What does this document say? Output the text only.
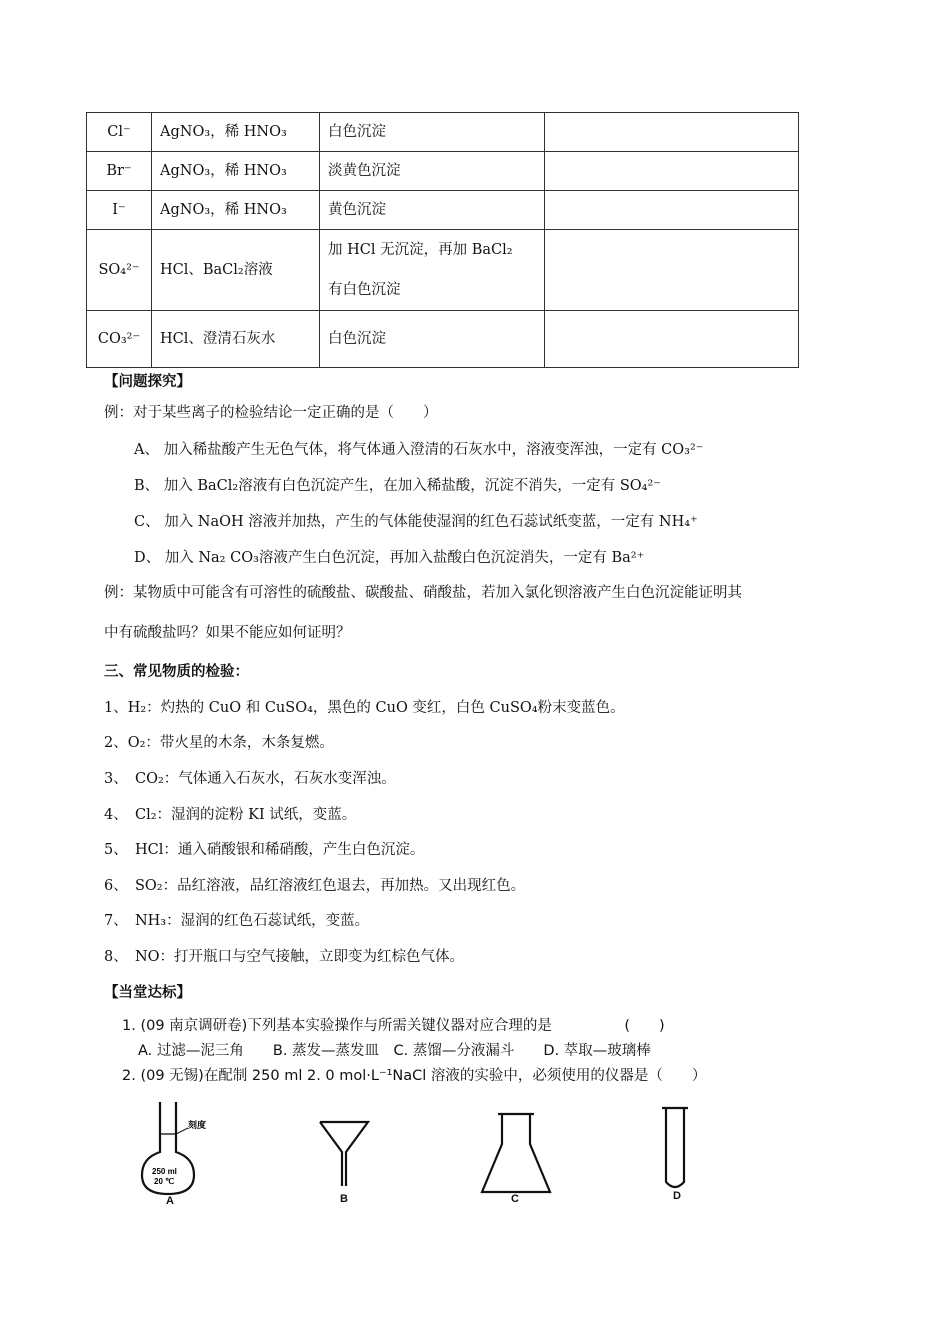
Cl⁻	AgNO₃，稀 HNO₃	白色沉淀	
Br⁻	AgNO₃，稀 HNO₃	淡黄色沉淀	
I⁻	AgNO₃，稀 HNO₃	黄色沉淀	
SO₄²⁻	HCl、BaCl₂溶液	加 HCl 无沉淀，再加 BaCl₂
有白色沉淀	

CO₃²⁻	HCl、澄清石灰水	白色沉淀	
【问题探究】
例：对于某些离子的检验结论一定正确的是（　　）
A、 加入稀盐酸产生无色气体，将气体通入澄清的石灰水中，溶液变浑浊，一定有 CO₃²⁻
B、 加入 BaCl₂溶液有白色沉淀产生，在加入稀盐酸，沉淀不消失，一定有 SO₄²⁻
C、 加入 NaOH 溶液并加热，产生的气体能使湿润的红色石蕊试纸变蓝，一定有 NH₄⁺
D、 加入 Na₂ CO₃溶液产生白色沉淀，再加入盐酸白色沉淀消失，一定有 Ba²⁺
例：某物质中可能含有可溶性的硫酸盐、碳酸盐、硝酸盐，若加入氯化钡溶液产生白色沉淀能证明其
中有硫酸盐吗？如果不能应如何证明？
三、常见物质的检验：
1、H₂：灼热的 CuO 和 CuSO₄，黑色的 CuO 变红，白色 CuSO₄粉末变蓝色。
2、O₂：带火星的木条，木条复燃。
3、　CO₂：气体通入石灰水，石灰水变浑浊。
4、　Cl₂：湿润的淀粉 KI 试纸，变蓝。
5、　HCl：通入硝酸银和稀硝酸，产生白色沉淀。
6、　SO₂：品红溶液，品红溶液红色退去，再加热。又出现红色。
7、　NH₃：湿润的红色石蕊试纸，变蓝。
8、　NO：打开瓶口与空气接触，立即变为红棕色气体。
【当堂达标】
1. (09 南京调研卷)下列基本实验操作与所需关键仪器对应合理的是　　　　　(　　)
A. 过滤—泥三角　　B. 蒸发—蒸发皿　C. 蒸馏—分液漏斗　　D. 萃取—玻璃棒
2. (09 无锡)在配制 250 ml 2. 0 mol·L⁻¹NaCl 溶液的实验中，必须使用的仪器是（　　）
刻度
250 ml
20 ℃
A	B	C	D
